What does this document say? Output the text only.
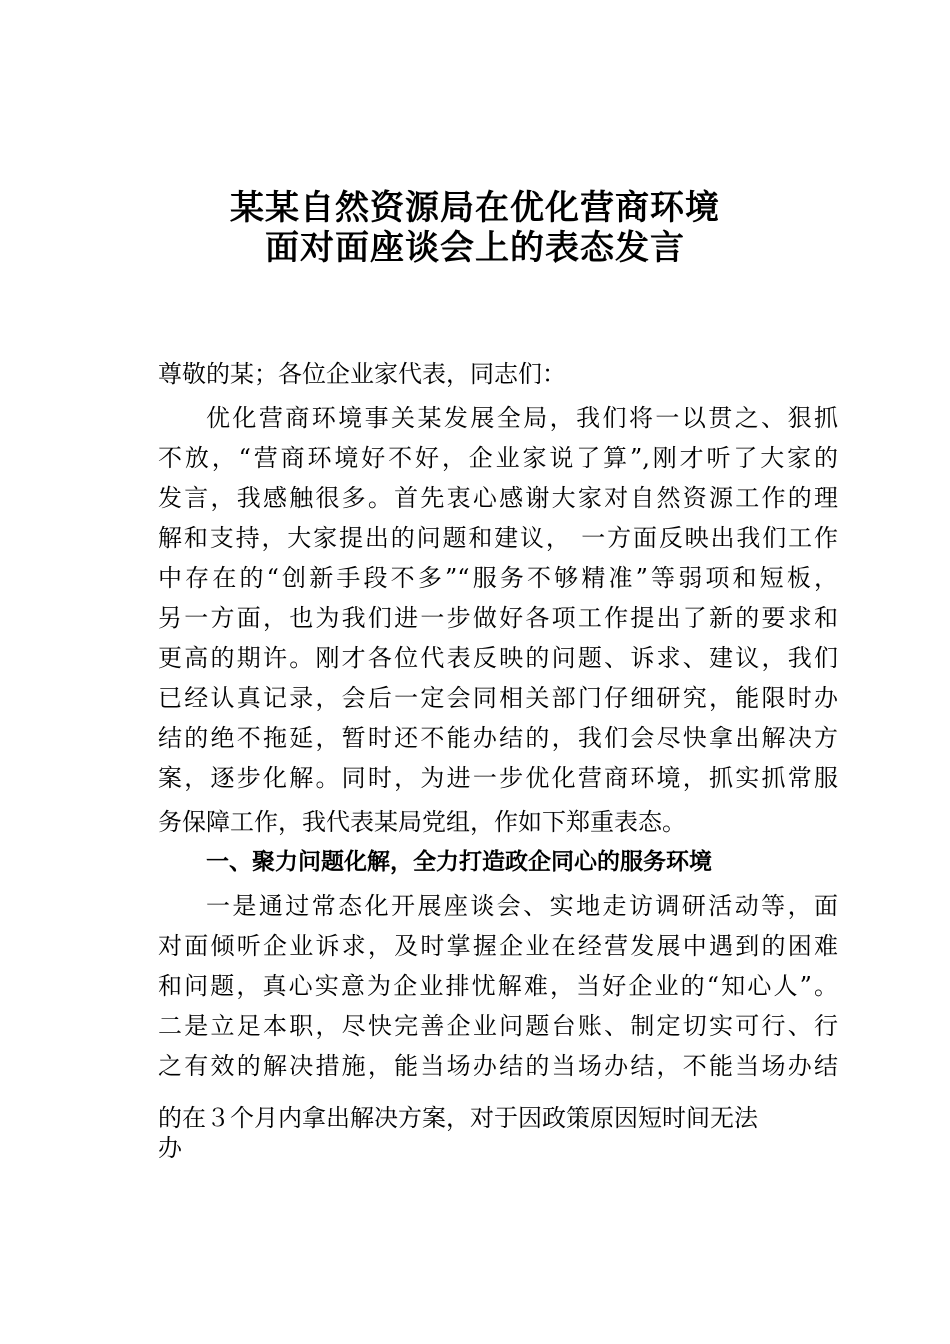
某某自然资源局在优化营商环境
面对面座谈会上的表态发言
尊敬的某；各位企业家代表，同志们：
优化营商环境事关某发展全局，我们将一以贯之、狠抓
不放，“营商环境好不好，企业家说了算”,刚才听了大家的
发言，我感触很多。首先衷心感谢大家对自然资源工作的理
解和支持，大家提出的问题和建议， 一方面反映出我们工作
中存在的“创新手段不多”“服务不够精准”等弱项和短板，
另一方面，也为我们进一步做好各项工作提出了新的要求和
更高的期许。刚才各位代表反映的问题、诉求、建议，我们
已经认真记录，会后一定会同相关部门仔细研究，能限时办
结的绝不拖延，暂时还不能办结的，我们会尽快拿出解决方
案，逐步化解。同时，为进一步优化营商环境，抓实抓常服
务保障工作，我代表某局党组，作如下郑重表态。
一、聚力问题化解，全力打造政企同心的服务环境
一是通过常态化开展座谈会、实地走访调研活动等，面
对面倾听企业诉求，及时掌握企业在经营发展中遇到的困难
和问题，真心实意为企业排忧解难，当好企业的“知心人”。
二是立足本职，尽快完善企业问题台账、制定切实可行、行
之有效的解决措施，能当场办结的当场办结，不能当场办结
的在３个月内拿出解决方案，对于因政策原因短时间无法
办
